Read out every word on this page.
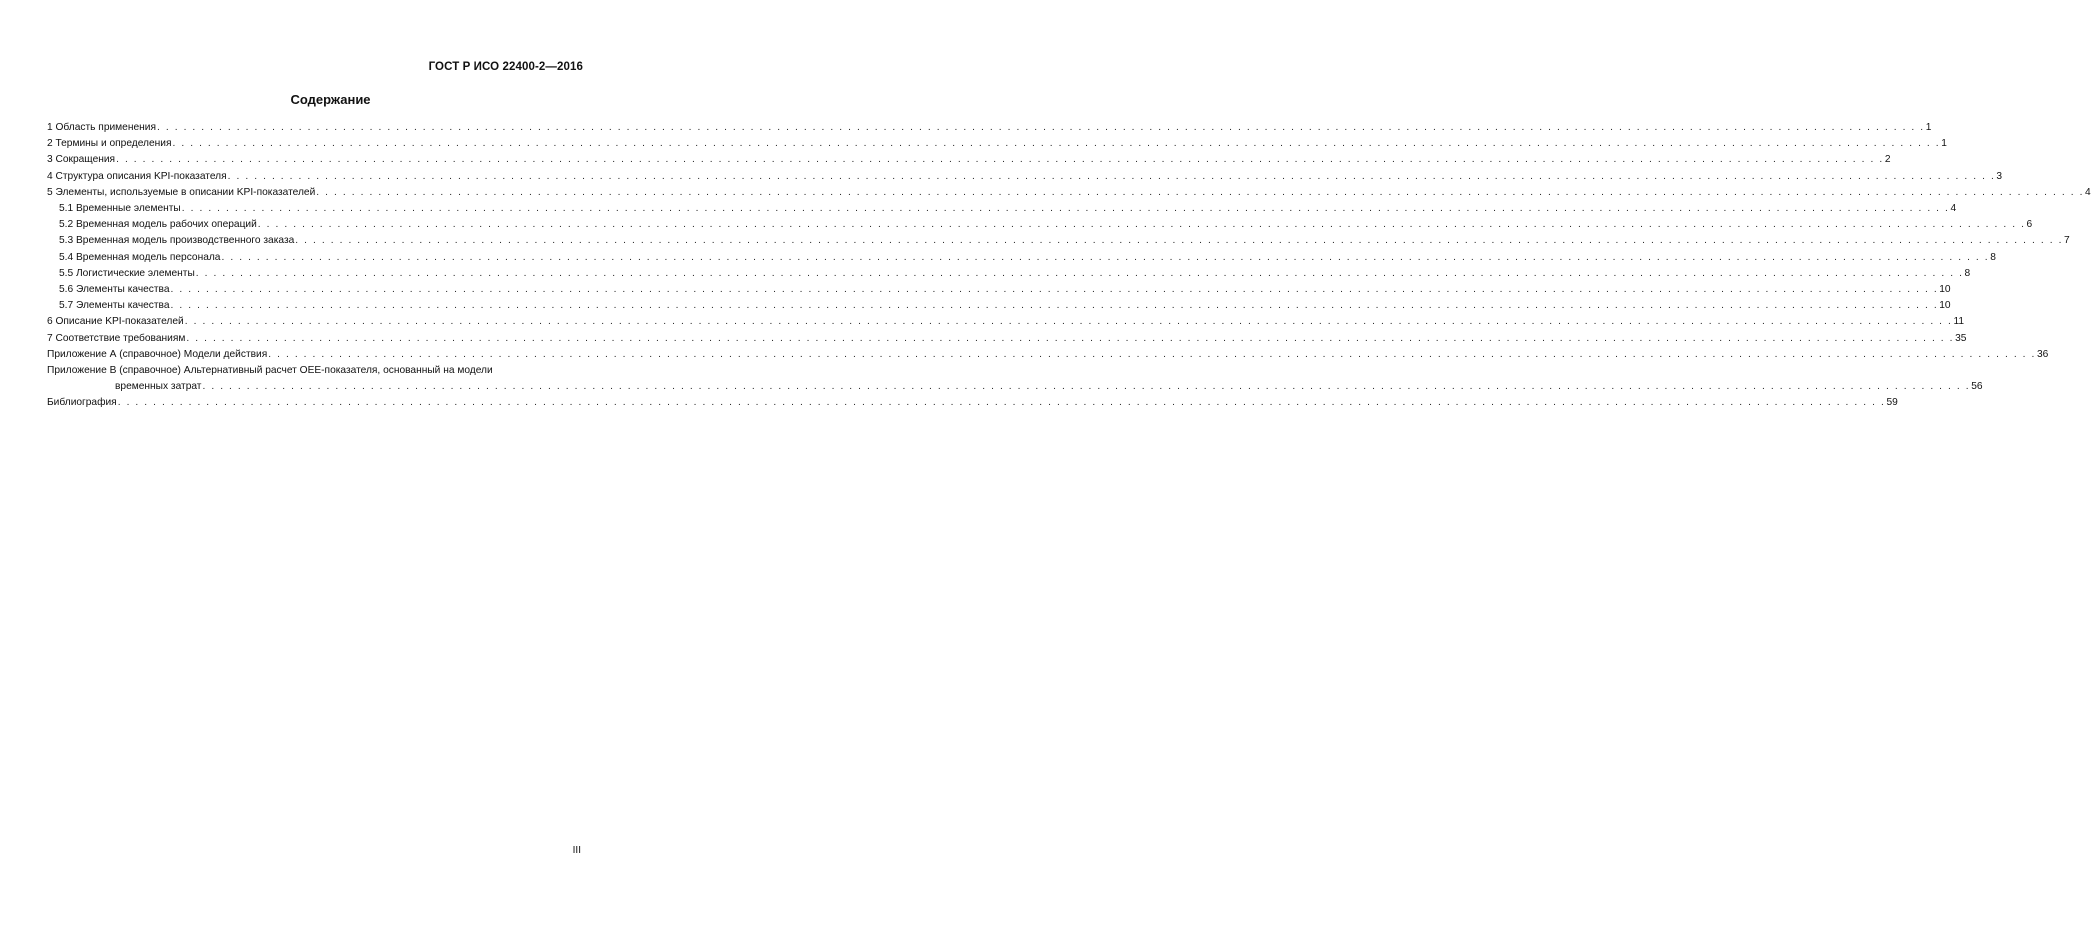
ГОСТ Р ИСО 22400-2—2016
Содержание
1 Область применения . . . . . . . . . . . . . . . . . . . . . . . . . . . . . . . . . . . . . . . . . . . . . . . . . . . . . . . . . . . . . . . . . . . . . . . . . . . . . . . . . . . . . . . . . . . . . . . . . . . . . . . . . . . . . . . . . . . . . . . . . . . . . . . . . . . . . . . . . . . . . . . . . . . . . . . . . . . . . . . . . . . . . . . . . . . . . . . . . . . . . . . . . . . . . . . . . . . . . . . . 1
2 Термины и определения . . . . . . . . . . . . . . . . . . . . . . . . . . . . . . . . . . . . . . . . . . . . . . . . . . . . . . . . . . . . . . . . . . . . . . . . . . . . . . . . . . . . . . . . . . . . . . . . . . . . . . . . . . . . . . . . . . . . . . . . . . . . . . . . . . . . . . . . . . . . . . . . . . . . . . . . . . . . . . . . . . . . . . . . . . . . . . . . . . . . . . . . . . . . . . . . . . . . . . . . 1
3 Сокращения . . . . . . . . . . . . . . . . . . . . . . . . . . . . . . . . . . . . . . . . . . . . . . . . . . . . . . . . . . . . . . . . . . . . . . . . . . . . . . . . . . . . . . . . . . . . . . . . . . . . . . . . . . . . . . . . . . . . . . . . . . . . . . . . . . . . . . . . . . . . . . . . . . . . . . . . . . . . . . . . . . . . . . . . . . . . . . . . . . . . . . . . . . . . . . . . . . . . . . . . 2
4 Структура описания KPI-показателя . . . . . . . . . . . . . . . . . . . . . . . . . . . . . . . . . . . . . . . . . . . . . . . . . . . . . . . . . . . . . . . . . . . . . . . . . . . . . . . . . . . . . . . . . . . . . . . . . . . . . . . . . . . . . . . . . . . . . . . . . . . . . . . . . . . . . . . . . . . . . . . . . . . . . . . . . . . . . . . . . . . . . . . . . . . . . . . . . . . . . . . . . . . . . . . . . . . . . . . . 3
5 Элементы, используемые в описании KPI-показателей . . . . . . . . . . . . . . . . . . . . . . . . . . . . . . . . . . . . . . . . . . . . . . . . . . . . . . . . . . . . . . . . . . . . . . . . . . . . . . . . . . . . . . . . . . . . . . . . . . . . . . . . . . . . . . . . . . . . . . . . . . . . . . . . . . . . . . . . . . . . . . . . . . . . . . . . . . . . . . . . . . . . . . . . . . . . . . . . . . . . . . . . . . . . . . . . . . . . . . . . 4
5.1 Временные элементы . . . . . . . . . . . . . . . . . . . . . . . . . . . . . . . . . . . . . . . . . . . . . . . . . . . . . . . . . . . . . . . . . . . . . . . . . . . . . . . . . . . . . . . . . . . . . . . . . . . . . . . . . . . . . . . . . . . . . . . . . . . . . . . . . . . . . . . . . . . . . . . . . . . . . . . . . . . . . . . . . . . . . . . . . . . . . . . . . . . . . . . . . . . . . . . . . . . . . . . . 4
5.2 Временная модель рабочих операций . . . . . . . . . . . . . . . . . . . . . . . . . . . . . . . . . . . . . . . . . . . . . . . . . . . . . . . . . . . . . . . . . . . . . . . . . . . . . . . . . . . . . . . . . . . . . . . . . . . . . . . . . . . . . . . . . . . . . . . . . . . . . . . . . . . . . . . . . . . . . . . . . . . . . . . . . . . . . . . . . . . . . . . . . . . . . . . . . . . . . . . . . . . . . . . . . . . . . . . . 6
5.3 Временная модель производственного заказа . . . . . . . . . . . . . . . . . . . . . . . . . . . . . . . . . . . . . . . . . . . . . . . . . . . . . . . . . . . . . . . . . . . . . . . . . . . . . . . . . . . . . . . . . . . . . . . . . . . . . . . . . . . . . . . . . . . . . . . . . . . . . . . . . . . . . . . . . . . . . . . . . . . . . . . . . . . . . . . . . . . . . . . . . . . . . . . . . . . . . . . . . . . . . . . . . . . . . . . . 7
5.4 Временная модель персонала . . . . . . . . . . . . . . . . . . . . . . . . . . . . . . . . . . . . . . . . . . . . . . . . . . . . . . . . . . . . . . . . . . . . . . . . . . . . . . . . . . . . . . . . . . . . . . . . . . . . . . . . . . . . . . . . . . . . . . . . . . . . . . . . . . . . . . . . . . . . . . . . . . . . . . . . . . . . . . . . . . . . . . . . . . . . . . . . . . . . . . . . . . . . . . . . . . . . . . . . 8
5.5 Логистические элементы . . . . . . . . . . . . . . . . . . . . . . . . . . . . . . . . . . . . . . . . . . . . . . . . . . . . . . . . . . . . . . . . . . . . . . . . . . . . . . . . . . . . . . . . . . . . . . . . . . . . . . . . . . . . . . . . . . . . . . . . . . . . . . . . . . . . . . . . . . . . . . . . . . . . . . . . . . . . . . . . . . . . . . . . . . . . . . . . . . . . . . . . . . . . . . . . . . . . . . . . 8
5.6 Элементы качества . . . . . . . . . . . . . . . . . . . . . . . . . . . . . . . . . . . . . . . . . . . . . . . . . . . . . . . . . . . . . . . . . . . . . . . . . . . . . . . . . . . . . . . . . . . . . . . . . . . . . . . . . . . . . . . . . . . . . . . . . . . . . . . . . . . . . . . . . . . . . . . . . . . . . . . . . . . . . . . . . . . . . . . . . . . . . . . . . . . . . . . . . . . . . . . . . . . . . . . . 10
5.7 Элементы качества . . . . . . . . . . . . . . . . . . . . . . . . . . . . . . . . . . . . . . . . . . . . . . . . . . . . . . . . . . . . . . . . . . . . . . . . . . . . . . . . . . . . . . . . . . . . . . . . . . . . . . . . . . . . . . . . . . . . . . . . . . . . . . . . . . . . . . . . . . . . . . . . . . . . . . . . . . . . . . . . . . . . . . . . . . . . . . . . . . . . . . . . . . . . . . . . . . . . . . . . 10
6 Описание KPI-показателей . . . . . . . . . . . . . . . . . . . . . . . . . . . . . . . . . . . . . . . . . . . . . . . . . . . . . . . . . . . . . . . . . . . . . . . . . . . . . . . . . . . . . . . . . . . . . . . . . . . . . . . . . . . . . . . . . . . . . . . . . . . . . . . . . . . . . . . . . . . . . . . . . . . . . . . . . . . . . . . . . . . . . . . . . . . . . . . . . . . . . . . . . . . . . . . . . . . . . . . . 11
7 Соответствие требованиям . . . . . . . . . . . . . . . . . . . . . . . . . . . . . . . . . . . . . . . . . . . . . . . . . . . . . . . . . . . . . . . . . . . . . . . . . . . . . . . . . . . . . . . . . . . . . . . . . . . . . . . . . . . . . . . . . . . . . . . . . . . . . . . . . . . . . . . . . . . . . . . . . . . . . . . . . . . . . . . . . . . . . . . . . . . . . . . . . . . . . . . . . . . . . . . . . . . . . . . . 35
Приложение А (справочное) Модели действия . . . . . . . . . . . . . . . . . . . . . . . . . . . . . . . . . . . . . . . . . . . . . . . . . . . . . . . . . . . . . . . . . . . . . . . . . . . . . . . . . . . . . . . . . . . . . . . . . . . . . . . . . . . . . . . . . . . . . . . . . . . . . . . . . . . . . . . . . . . . . . . . . . . . . . . . . . . . . . . . . . . . . . . . . . . . . . . . . . . . . . . . . . . . . . . . . . . . . . . . 36
Приложение В (справочное) Альтернативный расчет ОЕЕ-показателя, основанный на модели
временных затрат . . . . . . . . . . . . . . . . . . . . . . . . . . . . . . . . . . . . . . . . . . . . . . . . . . . . . . . . . . . . . . . . . . . . . . . . . . . . . . . . . . . . . . . . . . . . . . . . . . . . . . . . . . . . . . . . . . . . . . . . . . . . . . . . . . . . . . . . . . . . . . . . . . . . . . . . . . . . . . . . . . . . . . . . . . . . . . . . . . . . . . . . . . . . . . . . . . . . . . . . 56
Библиография . . . . . . . . . . . . . . . . . . . . . . . . . . . . . . . . . . . . . . . . . . . . . . . . . . . . . . . . . . . . . . . . . . . . . . . . . . . . . . . . . . . . . . . . . . . . . . . . . . . . . . . . . . . . . . . . . . . . . . . . . . . . . . . . . . . . . . . . . . . . . . . . . . . . . . . . . . . . . . . . . . . . . . . . . . . . . . . . . . . . . . . . . . . . . . . . . . . . . . . . 59
III
